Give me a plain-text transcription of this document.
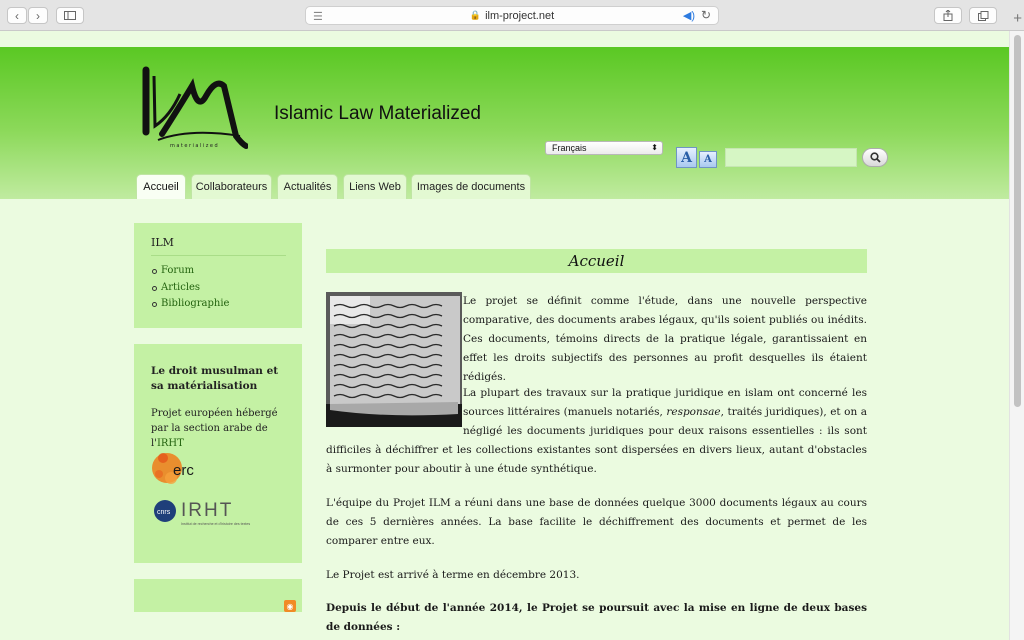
‹ ›	☰	🔒 ilm-project.net	◀) ↻	+
materialized
Islamic Law Materialized
Français	⬍
A A
Accueil	Collaborateurs	Actualités	Liens Web	Images de documents
ILM
Forum
Articles
Bibliographie
Le droit musulman et sa matérialisation
Projet européen hébergé par la section arabe de l'IRHT
erc
cnrs IRHT
Institut de recherche et d'histoire des textes
◉
Accueil
Le projet se définit comme l'étude, dans une nouvelle perspective comparative, des documents arabes légaux, qu'ils soient publiés ou inédits. Ces documents, témoins directs de la pratique légale, garantissaient en effet les droits subjectifs des personnes au profit desquelles ils étaient rédigés.
La plupart des travaux sur la pratique juridique en islam ont concerné les
sources littéraires (manuels notariés, responsae, traités juridiques), et on a
négligé les documents juridiques pour deux raisons essentielles : ils sont
difficiles à déchiffrer et les collections existantes sont dispersées en divers lieux, autant d'obstacles à surmonter pour aboutir à une étude synthétique.
L'équipe du Projet ILM a réuni dans une base de données quelque 3000 documents légaux au cours de ces 5 dernières années. La base facilite le déchiffrement des documents et permet de les comparer entre eux.
Le Projet est arrivé à terme en décembre 2013.
Depuis le début de l'année 2014, le Projet se poursuit avec la mise en ligne de deux bases de données :
